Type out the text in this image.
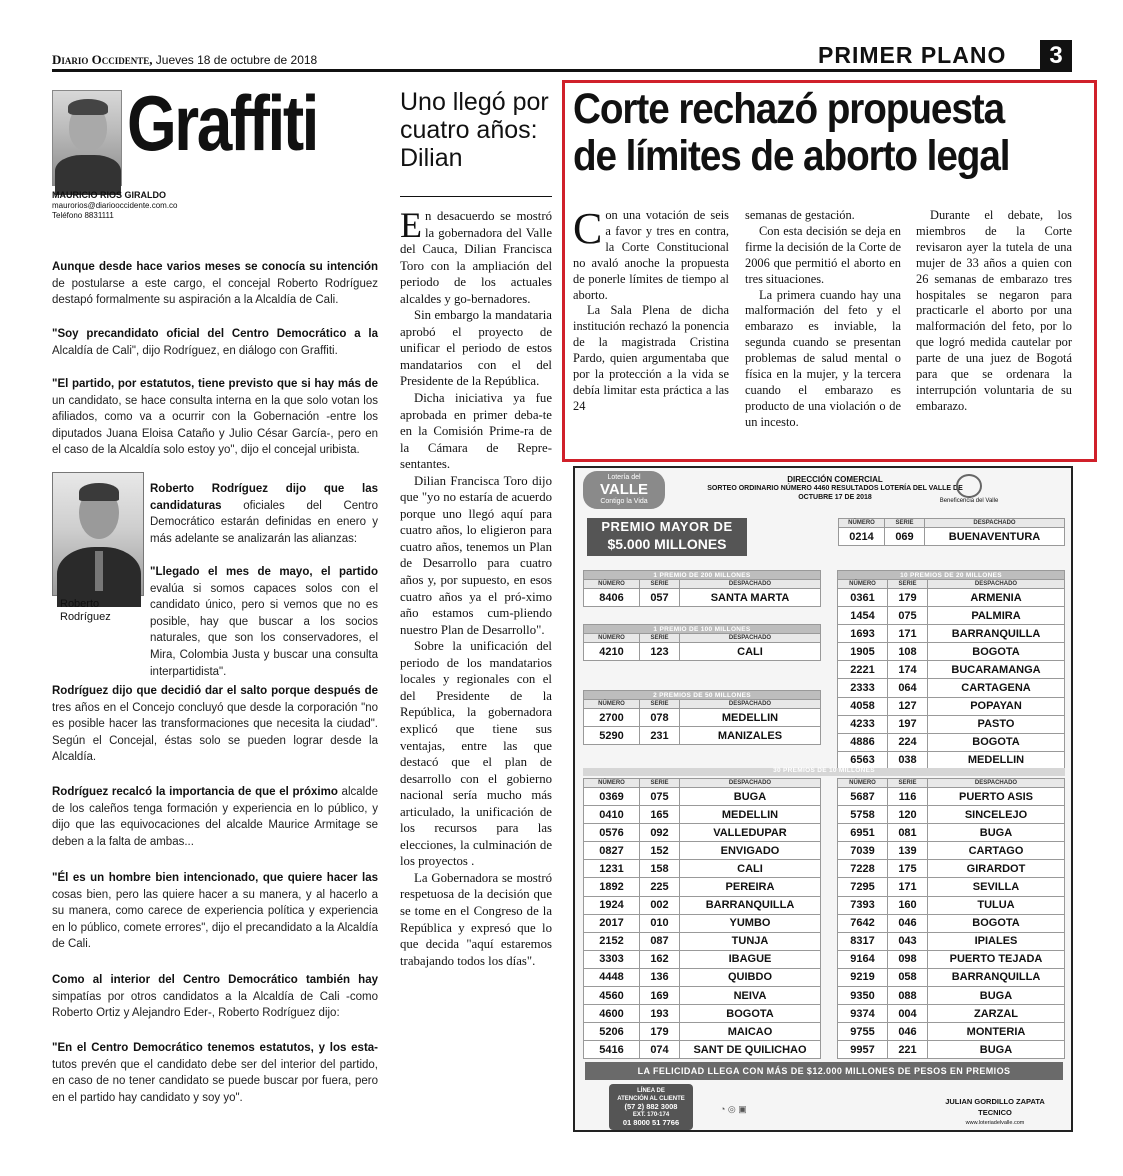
Diario Occidente, Jueves 18 de octubre de 2018	PRIMER PLANO	3
Graffiti
MAURICIO RIOS GIRALDO
maurorios@diariooccidente.com.co
Teléfono 8831111

Aunque desde hace varios meses se conocía su intención de postularse a este cargo, el concejal Roberto Rodríguez destapó formalmente su aspiración a la Alcaldía de Cali.

"Soy precandidato oficial del Centro Democrático a la Alcaldía de Cali", dijo Rodríguez, en diálogo con Graffiti.

"El partido, por estatutos, tiene previsto que si hay más de un candidato, se hace consulta interna en la que solo votan los afiliados, como va a ocurrir con la Gobernación -entre los diputados Juana Eloisa Cataño y Julio César García-, pero en el caso de la Alcaldía solo estoy yo", dijo el concejal uribista.

Roberto
Rodríguez

Roberto Rodríguez dijo que las candidaturas oficiales del Centro Democrático estarán definidas en enero y más adelante se analizarán las alianzas:

"Llegado el mes de mayo, el partido evalúa si somos capaces solos con el candidato único, pero si vemos que no es posible, hay que buscar a los socios naturales, que son los conservadores, el Mira, Colombia Justa y buscar una consulta interpartidista".

Rodríguez dijo que decidió dar el salto porque después de tres años en el Concejo concluyó que desde la corporación "no es posible hacer las transformaciones que necesita la ciudad". Según el Concejal, éstas solo se pueden lograr desde la Alcaldía.

Rodríguez recalcó la importancia de que el próximo alcalde de los caleños tenga formación y experiencia en lo público, y dijo que las equivocaciones del alcalde Maurice Armitage se deben a la falta de ambas...

"Él es un hombre bien intencionado, que quiere hacer las cosas bien, pero las quiere hacer a su manera, y al hacerlo a su manera, como carece de experiencia política y experiencia en lo público, comete errores", dijo el precandidato a la Alcaldía de Cali.

Como al interior del Centro Democrático también hay simpatías por otros candidatos a la Alcaldía de Cali -como Roberto Ortiz y Alejandro Eder-, Roberto Rodríguez dijo:

"En el Centro Democrático tenemos estatutos, y los esta-tutos prevén que el candidato debe ser del interior del partido, en caso de no tener candidato se puede buscar por fuera, pero en el partido hay candidato y soy yo".

Uno llegó por cuatro años: Dilian

En desacuerdo se mostró la gobernadora del Valle del Cauca, Dilian Francisca Toro con la ampliación del periodo de los actuales alcaldes y go-bernadores.

Sin embargo la mandataria aprobó el proyecto de unificar el periodo de estos mandatarios con el del Presidente de la República.

Dicha iniciativa ya fue aprobada en primer deba-te en la Comisión Prime-ra de la Cámara de Repre-sentantes.

Dilian Francisca Toro dijo que "yo no estaría de acuerdo porque uno llegó aquí para cuatro años, lo eligieron para cuatro años, tenemos un Plan de Desarrollo para cuatro años y, por supuesto, en esos cuatro años ya el pró-ximo año estamos cum-pliendo nuestro Plan de Desarrollo".

Sobre la unificación del periodo de los mandatarios locales y regionales con el del Presidente de la República, la gobernadora explicó que tiene sus ventajas, entre las que destacó que el plan de desarrollo con el gobierno nacional sería mucho más articulado, la unificación de los recursos para las elecciones, la culminación de los proyectos .

La Gobernadora se mostró respetuosa de la decisión que se tome en el Congreso de la República y expresó que lo que decida "aquí estaremos trabajando todos los días".

Corte rechazó propuesta de límites de aborto legal

Con una votación de seis a favor y tres en contra, la Corte Constitucional no avaló anoche la propuesta de ponerle límites de tiempo al aborto.

La Sala Plena de dicha institución rechazó la ponencia de la magistrada Cristina Pardo, quien argumentaba que por la protección a la vida se debía limitar esta práctica a las 24

semanas de gestación.

Con esta decisión se deja en firme la decisión de la Corte de 2006 que permitió el aborto en tres situaciones.

La primera cuando hay una malformación del feto y el embarazo es inviable, la segunda cuando se presentan problemas de salud mental o física en la mujer, y la tercera cuando el embarazo es producto de una violación o de un incesto.

Durante el debate, los miembros de la Corte revisaron ayer la tutela de una mujer de 33 años a quien con 26 semanas de embarazo tres hospitales se negaron para practicarle el aborto por una malformación del feto, por lo que logró medida cautelar por parte de una juez de Bogotá para que se ordenara la interrupción voluntaria de su embarazo.

Lotería del
VALLE
Contigo la Vida
DIRECCIÓN COMERCIAL
SORTEO ORDINARIO NÚMERO 4460 RESULTADOS LOTERÍA DEL VALLE DE
OCTUBRE 17 DE 2018	Beneficencia del Valle
PREMIO MAYOR DE
$5.000 MILLONES
NÚMERO	SERIE	DESPACHADO
0214	069	BUENAVENTURA
1 PREMIO DE 200 MILLONES		
NÚMERO	SERIE	DESPACHADO
8406	057	SANTA MARTA
1 PREMIO DE 100 MILLONES		
NÚMERO	SERIE	DESPACHADO
4210	123	CALI
2 PREMIOS DE 50 MILLONES		
NÚMERO	SERIE	DESPACHADO
2700	078	MEDELLIN
5290	231	MANIZALES
10 PREMIOS DE 20 MILLONES		
NÚMERO	SERIE	DESPACHADO
0361	179	ARMENIA
1454	075	PALMIRA
1693	171	BARRANQUILLA
1905	108	BOGOTA
2221	174	BUCARAMANGA
2333	064	CARTAGENA
4058	127	POPAYAN
4233	197	PASTO
4886	224	BOGOTA
6563	038	MEDELLIN
30 PREMIOS DE 10 MILLONES
NÚMERO	SERIE	DESPACHADO
0369	075	BUGA
0410	165	MEDELLIN
0576	092	VALLEDUPAR
0827	152	ENVIGADO
1231	158	CALI
1892	225	PEREIRA
1924	002	BARRANQUILLA
2017	010	YUMBO
2152	087	TUNJA
3303	162	IBAGUE
4448	136	QUIBDO
4560	169	NEIVA
4600	193	BOGOTA
5206	179	MAICAO
5416	074	SANT DE QUILICHAO
NÚMERO	SERIE	DESPACHADO
5687	116	PUERTO ASIS
5758	120	SINCELEJO
6951	081	BUGA
7039	139	CARTAGO
7228	175	GIRARDOT
7295	171	SEVILLA
7393	160	TULUA
7642	046	BOGOTA
8317	043	IPIALES
9164	098	PUERTO TEJADA
9219	058	BARRANQUILLA
9350	088	BUGA
9374	004	ZARZAL
9755	046	MONTERIA
9957	221	BUGA
LA FELICIDAD LLEGA CON MÁS DE $12.000 MILLONES DE PESOS EN PREMIOS
LÍNEA DE
ATENCIÓN AL CLIENTE
(57 2) 882 3008
EXT. 170-174
01 8000 51 7766
◔ ◎ ▣
JULIAN GORDILLO ZAPATA
TECNICO
www.loteriadelvalle.com
